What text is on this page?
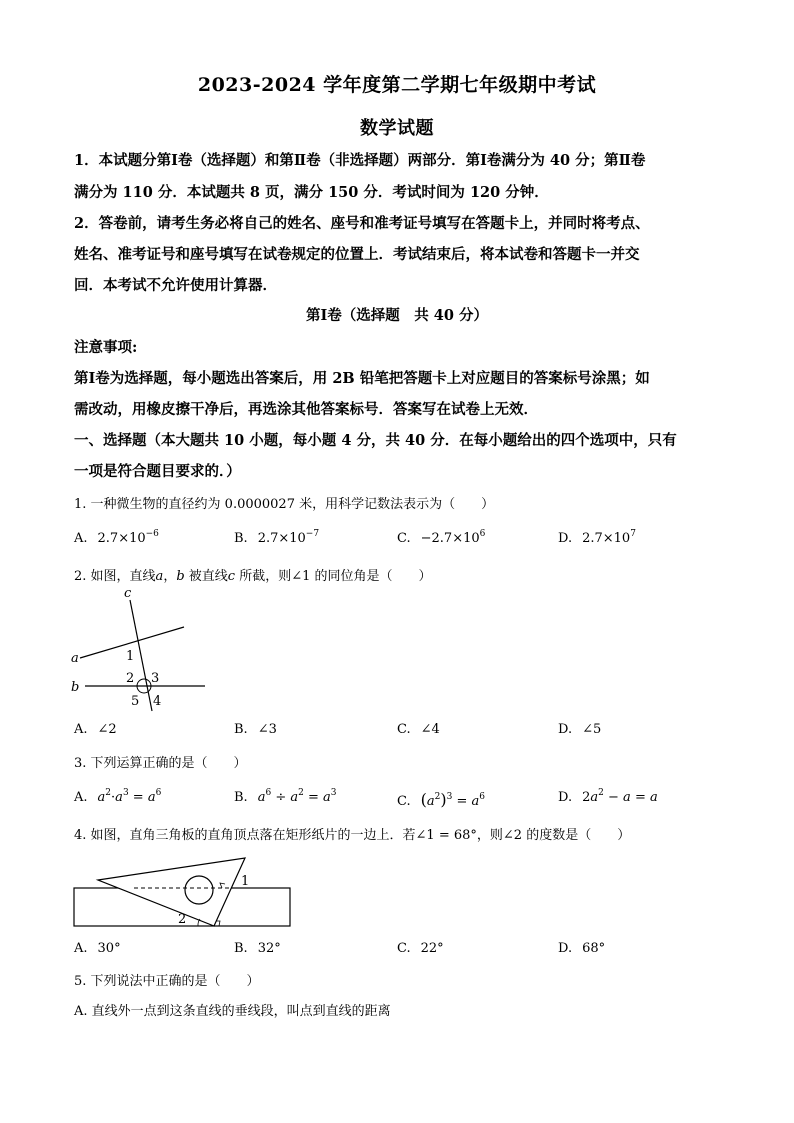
2023-2024 学年度第二学期七年级期中考试
数学试题
1．本试题分第Ⅰ卷（选择题）和第Ⅱ卷（非选择题）两部分．第Ⅰ卷满分为 40 分；第Ⅱ卷
满分为 110 分．本试题共 8 页，满分 150 分．考试时间为 120 分钟．
2．答卷前，请考生务必将自己的姓名、座号和准考证号填写在答题卡上，并同时将考点、
姓名、准考证号和座号填写在试卷规定的位置上．考试结束后，将本试卷和答题卡一并交
回．本考试不允许使用计算器．
第Ⅰ卷（选择题　共 40 分）
注意事项:
第Ⅰ卷为选择题，每小题选出答案后，用 2B 铅笔把答题卡上对应题目的答案标号涂黑；如
需改动，用橡皮擦干净后，再选涂其他答案标号．答案写在试卷上无效．
一、选择题（本大题共 10 小题，每小题 4 分，共 40 分．在每小题给出的四个选项中，只有
一项是符合题目要求的．）
1. 一种微生物的直径约为 0.0000027 米，用科学记数法表示为（　　）
A. $2.7\times 10^{-6}$	B. $2.7\times 10^{-7}$	C. $-2.7\times 10^6$	D. $2.7\times 10^7$
2. 如图，直线a，b 被直线c 所截，则∠1 的同位角是（　　）
c
a
b
1
2 3
4
5
A. ∠2	B. ∠3	C. ∠4	D. ∠5
3. 下列运算正确的是（　　）
A. $a^2\cdot a^3 = a^6$	B. $a^6 \div a^2 = a^3$
C. $(a^2)^3 = a^6$	D. $2a^2 - a = a$
4. 如图，直角三角板的直角顶点落在矩形纸片的一边上．若∠1 = 68°，则∠2 的度数是（　　）
1
2
A. 30°	B. 32°	C. 22°	D. 68°
5. 下列说法中正确的是（　　）
A. 直线外一点到这条直线的垂线段，叫点到直线的距离
